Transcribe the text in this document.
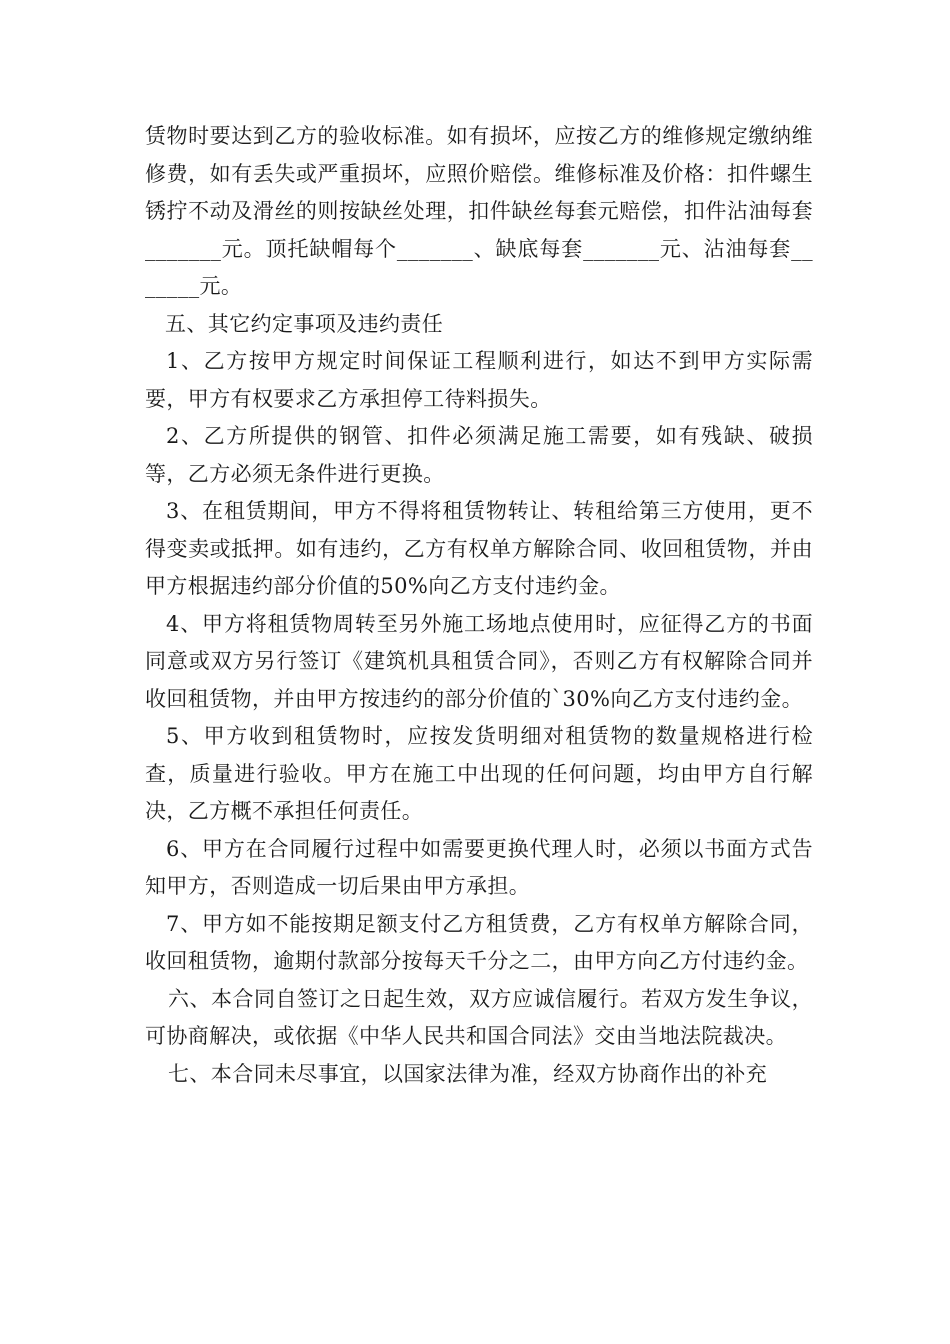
赁物时要达到乙方的验收标准。如有损坏，应按乙方的维修规定缴纳维修费，如有丢失或严重损坏，应照价赔偿。维修标准及价格：扣件螺生锈拧不动及滑丝的则按缺丝处理，扣件缺丝每套元赔偿，扣件沾油每套_______元。顶托缺帽每个_______、缺底每套_______元、沾油每套_______元。

五、其它约定事项及违约责任

1、乙方按甲方规定时间保证工程顺利进行，如达不到甲方实际需要，甲方有权要求乙方承担停工待料损失。

2、乙方所提供的钢管、扣件必须满足施工需要，如有残缺、破损等，乙方必须无条件进行更换。

3、在租赁期间，甲方不得将租赁物转让、转租给第三方使用，更不得变卖或抵押。如有违约，乙方有权单方解除合同、收回租赁物，并由甲方根据违约部分价值的50%向乙方支付违约金。

4、甲方将租赁物周转至另外施工场地点使用时，应征得乙方的书面同意或双方另行签订《建筑机具租赁合同》，否则乙方有权解除合同并收回租赁物，并由甲方按违约的部分价值的`30%向乙方支付违约金。

5、甲方收到租赁物时，应按发货明细对租赁物的数量规格进行检查，质量进行验收。甲方在施工中出现的任何问题，均由甲方自行解决，乙方概不承担任何责任。

6、甲方在合同履行过程中如需要更换代理人时，必须以书面方式告知甲方，否则造成一切后果由甲方承担。

7、甲方如不能按期足额支付乙方租赁费，乙方有权单方解除合同，收回租赁物，逾期付款部分按每天千分之二，由甲方向乙方付违约金。

六、本合同自签订之日起生效，双方应诚信履行。若双方发生争议，可协商解决，或依据《中华人民共和国合同法》交由当地法院裁决。

七、本合同未尽事宜，以国家法律为准，经双方协商作出的补充
